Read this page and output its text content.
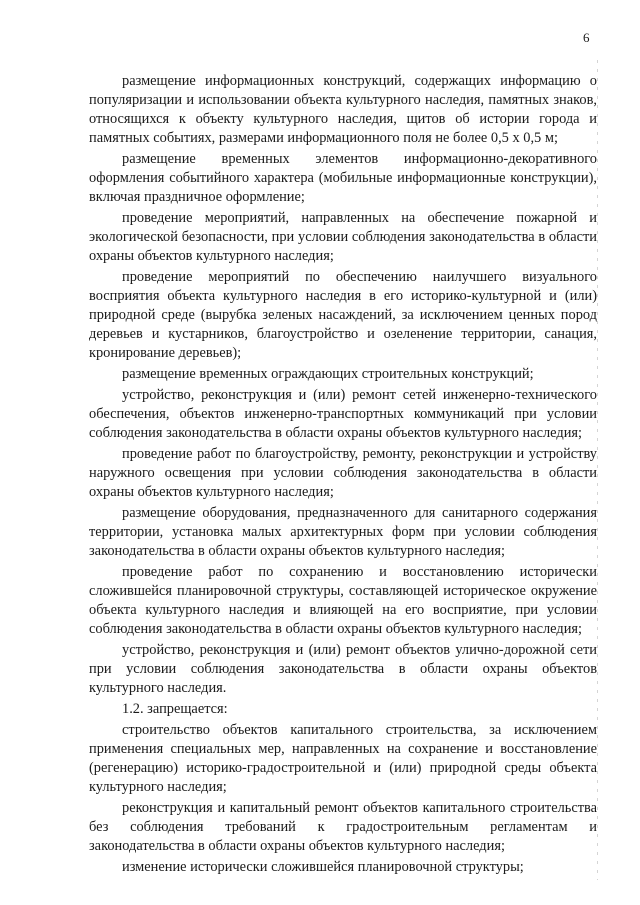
6

размещение информационных конструкций, содержащих информацию о популяризации и использовании объекта культурного наследия, памятных знаков, относящихся к объекту культурного наследия, щитов об истории города и памятных событиях, размерами информационного поля не более 0,5 х 0,5 м;

размещение временных элементов информационно-декоративного оформления событийного характера (мобильные информационные конструкции), включая праздничное оформление;

проведение мероприятий, направленных на обеспечение пожарной и экологической безопасности, при условии соблюдения законодательства в области охраны объектов культурного наследия;

проведение мероприятий по обеспечению наилучшего визуального восприятия объекта культурного наследия в его историко-культурной и (или) природной среде (вырубка зеленых насаждений, за исключением ценных пород деревьев и кустарников, благоустройство и озеленение территории, санация, кронирование деревьев);

размещение временных ограждающих строительных конструкций;

устройство, реконструкция и (или) ремонт сетей инженерно-технического обеспечения, объектов инженерно-транспортных коммуникаций при условии соблюдения законодательства в области охраны объектов культурного наследия;

проведение работ по благоустройству, ремонту, реконструкции и устройству наружного освещения при условии соблюдения законодательства в области охраны объектов культурного наследия;

размещение оборудования, предназначенного для санитарного содержания территории, установка малых архитектурных форм при условии соблюдения законодательства в области охраны объектов культурного наследия;

проведение работ по сохранению и восстановлению исторически сложившейся планировочной структуры, составляющей историческое окружение объекта культурного наследия и влияющей на его восприятие, при условии соблюдения законодательства в области охраны объектов культурного наследия;

устройство, реконструкция и (или) ремонт объектов улично-дорожной сети при условии соблюдения законодательства в области охраны объектов культурного наследия.

1.2. запрещается:

строительство объектов капитального строительства, за исключением применения специальных мер, направленных на сохранение и восстановление (регенерацию) историко-градостроительной и (или) природной среды объекта культурного наследия;

реконструкция и капитальный ремонт объектов капитального строительства без соблюдения требований к градостроительным регламентам и законодательства в области охраны объектов культурного наследия;

изменение исторически сложившейся планировочной структуры;
